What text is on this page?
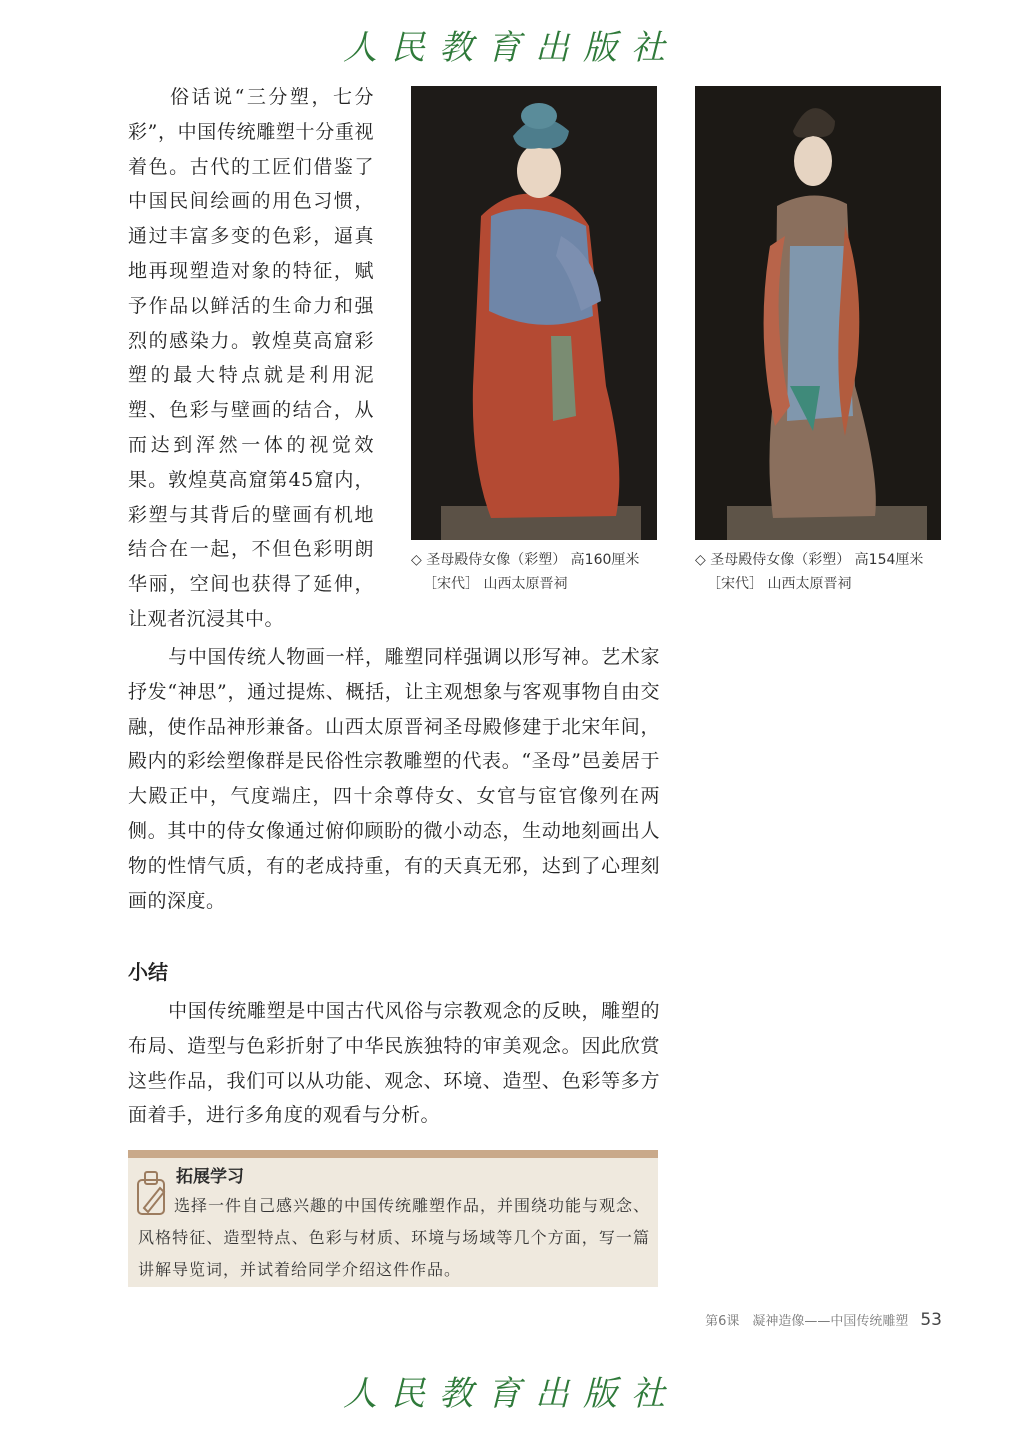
人民教育出版社

俗话说“三分塑，七分彩”，中国传统雕塑十分重视着色。古代的工匠们借鉴了中国民间绘画的用色习惯，通过丰富多变的色彩，逼真地再现塑造对象的特征，赋予作品以鲜活的生命力和强烈的感染力。敦煌莫高窟彩塑的最大特点就是利用泥塑、色彩与壁画的结合，从而达到浑然一体的视觉效果。敦煌莫高窟第45窟内，彩塑与其背后的壁画有机地结合在一起，不但色彩明朗华丽，空间也获得了延伸，让观者沉浸其中。

◇ 圣母殿侍女像（彩塑） 高160厘米
［宋代］ 山西太原晋祠
◇ 圣母殿侍女像（彩塑） 高154厘米
［宋代］ 山西太原晋祠

与中国传统人物画一样，雕塑同样强调以形写神。艺术家抒发“神思”，通过提炼、概括，让主观想象与客观事物自由交融，使作品神形兼备。山西太原晋祠圣母殿修建于北宋年间，殿内的彩绘塑像群是民俗性宗教雕塑的代表。“圣母”邑姜居于大殿正中，气度端庄，四十余尊侍女、女官与宦官像列在两侧。其中的侍女像通过俯仰顾盼的微小动态，生动地刻画出人物的性情气质，有的老成持重，有的天真无邪，达到了心理刻画的深度。

小结

中国传统雕塑是中国古代风俗与宗教观念的反映，雕塑的布局、造型与色彩折射了中华民族独特的审美观念。因此欣赏这些作品，我们可以从功能、观念、环境、造型、色彩等多方面着手，进行多角度的观看与分析。

拓展学习

选择一件自己感兴趣的中国传统雕塑作品，并围绕功能与观念、风格特征、造型特点、色彩与材质、环境与场域等几个方面，写一篇讲解导览词，并试着给同学介绍这件作品。

第6课　凝神造像——中国传统雕塑 53
人民教育出版社
